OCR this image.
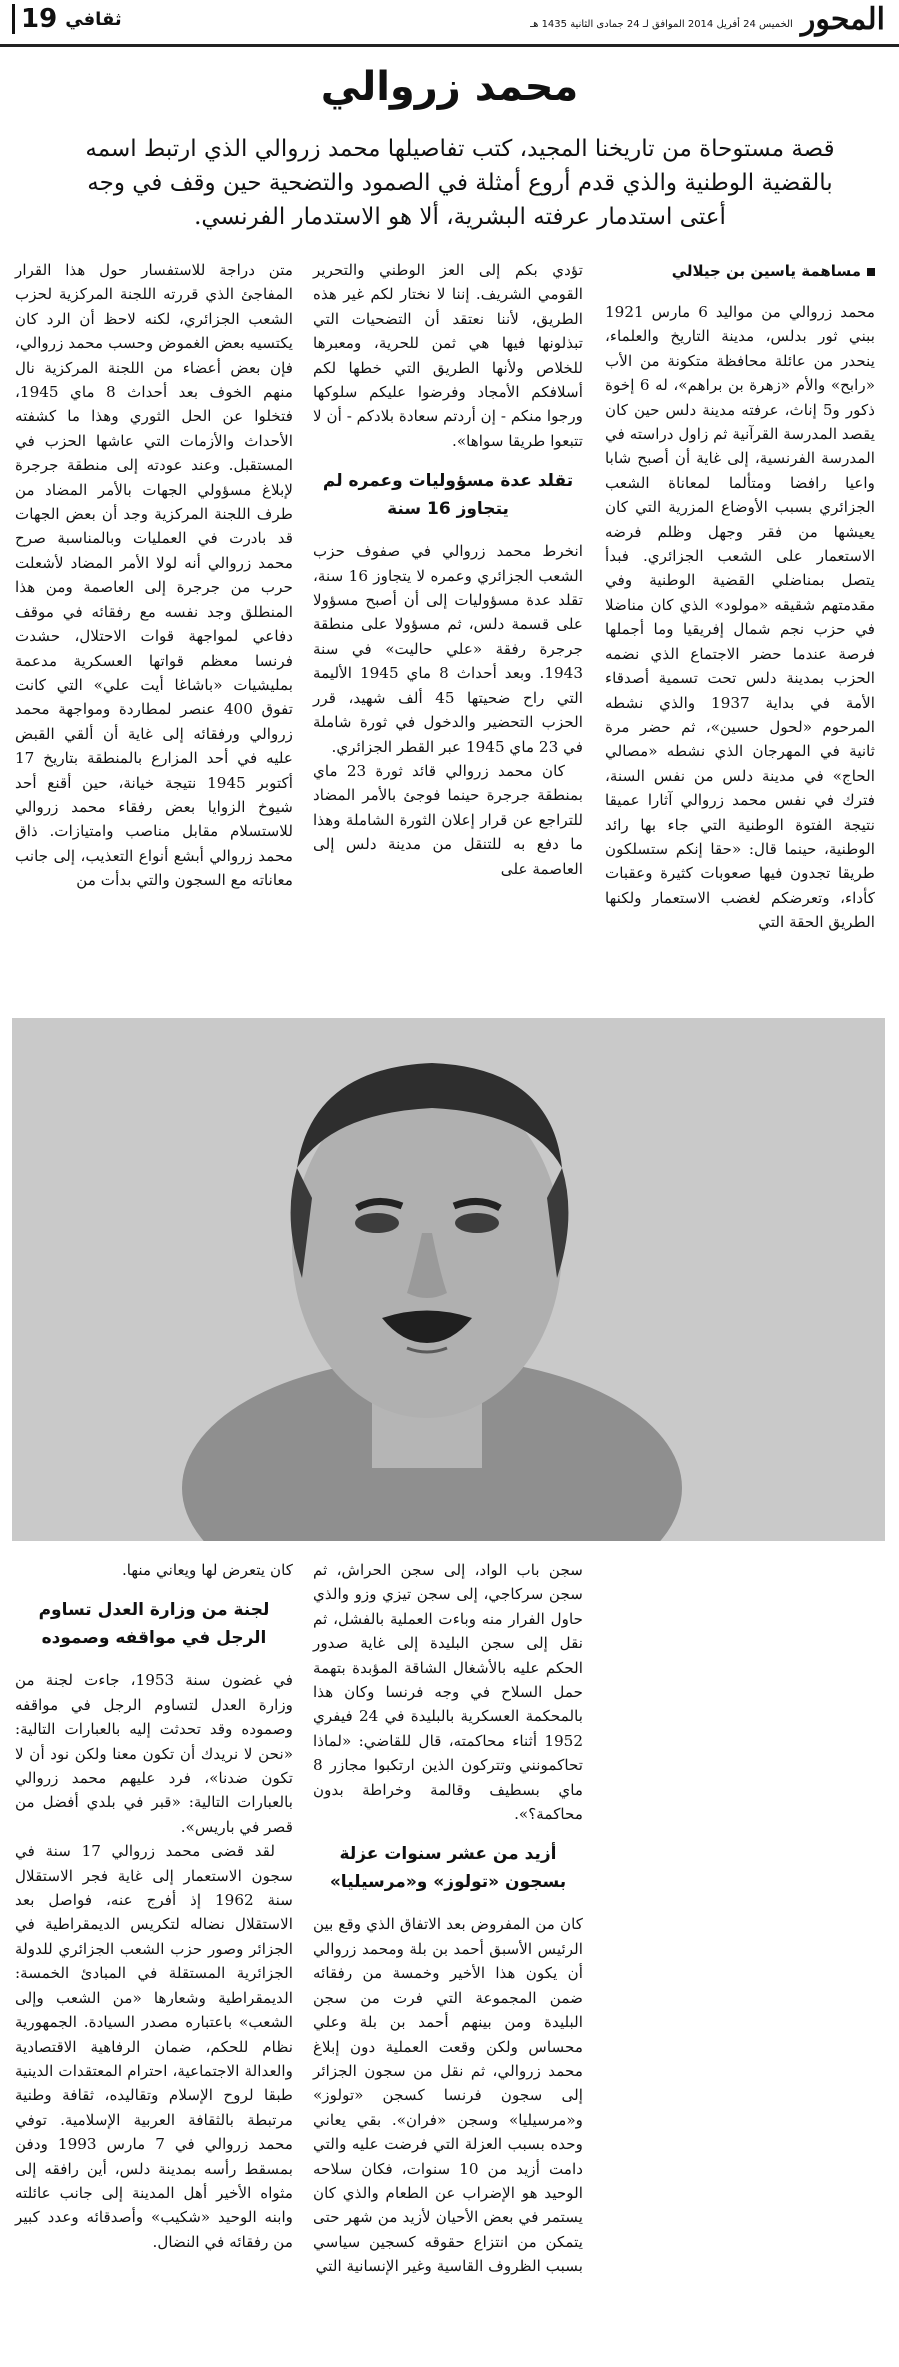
المحور
الخميس 24 أفريل 2014 الموافق لـ 24 جمادى الثانية 1435 هـ
ثقافي
19
محمد زروالي
قصة مستوحاة من تاريخنا المجيد، كتب تفاصيلها محمد زروالي الذي ارتبط اسمه بالقضية الوطنية والذي قدم أروع أمثلة في الصمود والتضحية حين وقف في وجه أعتى استدمار عرفته البشرية، ألا هو الاستدمار الفرنسي.
مساهمة ياسين بن جيلالي

محمد زروالي من مواليد 6 مارس 1921 ببني ثور بدلس، مدينة التاريخ والعلماء، ينحدر من عائلة محافظة متكونة من الأب «رابح» والأم «زهرة بن براهم»، له 6 إخوة ذكور و5 إناث، عرفته مدينة دلس حين كان يقصد المدرسة القرآنية ثم زاول دراسته في المدرسة الفرنسية، إلى غاية أن أصبح شابا واعيا رافضا ومتألما لمعاناة الشعب الجزائري بسبب الأوضاع المزرية التي كان يعيشها من فقر وجهل وظلم فرضه الاستعمار على الشعب الجزائري. فبدأ يتصل بمناضلي القضية الوطنية وفي مقدمتهم شقيقه «مولود» الذي كان مناضلا في حزب نجم شمال إفريقيا وما أجملها فرصة عندما حضر الاجتماع الذي نضمه الحزب بمدينة دلس تحت تسمية أصدقاء الأمة في بداية 1937 والذي نشطه المرحوم «لحول حسين»، ثم حضر مرة ثانية في المهرجان الذي نشطه «مصالي الحاج» في مدينة دلس من نفس السنة، فترك في نفس محمد زروالي آثارا عميقا نتيجة الفتوة الوطنية التي جاء بها رائد الوطنية، حينما قال: «حقا إنكم ستسلكون طريقا تجدون فيها صعوبات كثيرة وعقبات كأداء، وتعرضكم لغضب الاستعمار ولكنها الطريق الحقة التي

تؤدي بكم إلى العز الوطني والتحرير القومي الشريف. إننا لا نختار لكم غير هذه الطريق، لأننا نعتقد أن التضحيات التي تبذلونها فيها هي ثمن للحرية، ومعبرها للخلاص ولأنها الطريق التي خطها لكم أسلافكم الأمجاد وفرضوا عليكم سلوكها ورجوا منكم - إن أردتم سعادة بلادكم - أن لا تتبعوا طريقا سواها».

تقلد عدة مسؤوليات وعمره لم يتجاوز 16 سنة

انخرط محمد زروالي في صفوف حزب الشعب الجزائري وعمره لا يتجاوز 16 سنة، تقلد عدة مسؤوليات إلى أن أصبح مسؤولا على قسمة دلس، ثم مسؤولا على منطقة جرجرة رفقة «علي حاليت» في سنة 1943. وبعد أحداث 8 ماي 1945 الأليمة التي راح ضحيتها 45 ألف شهيد، قرر الحزب التحضير والدخول في ثورة شاملة في 23 ماي 1945 عبر القطر الجزائري.

كان محمد زروالي قائد ثورة 23 ماي بمنطقة جرجرة حينما فوجئ بالأمر المضاد للتراجع عن قرار إعلان الثورة الشاملة وهذا ما دفع به للتنقل من مدينة دلس إلى العاصمة على

متن دراجة للاستفسار حول هذا القرار المفاجئ الذي قررته اللجنة المركزية لحزب الشعب الجزائري، لكنه لاحظ أن الرد كان يكتسيه بعض الغموض وحسب محمد زروالي، فإن بعض أعضاء من اللجنة المركزية نال منهم الخوف بعد أحداث 8 ماي 1945، فتخلوا عن الحل الثوري وهذا ما كشفته الأحداث والأزمات التي عاشها الحزب في المستقبل. وعند عودته إلى منطقة جرجرة لإبلاغ مسؤولي الجهات بالأمر المضاد من طرف اللجنة المركزية وجد أن بعض الجهات قد بادرت في العمليات وبالمناسبة صرح محمد زروالي أنه لولا الأمر المضاد لأشعلت حرب من جرجرة إلى العاصمة ومن هذا المنطلق وجد نفسه مع رفقائه في موقف دفاعي لمواجهة قوات الاحتلال، حشدت فرنسا معظم قواتها العسكرية مدعمة بمليشيات «باشاغا أيت علي» التي كانت تفوق 400 عنصر لمطاردة ومواجهة محمد زروالي ورفقائه إلى غاية أن ألقي القبض عليه في أحد المزارع بالمنطقة بتاريخ 17 أكتوبر 1945 نتيجة خيانة، حين أقنع أحد شيوخ الزوايا بعض رفقاء محمد زروالي للاستسلام مقابل مناصب وامتيازات. ذاق محمد زروالي أبشع أنواع التعذيب، إلى جانب معاناته مع السجون والتي بدأت من

سجن باب الواد، إلى سجن الحراش، ثم سجن سركاجي، إلى سجن تيزي وزو والذي حاول الفرار منه وباءت العملية بالفشل، ثم نقل إلى سجن البليدة إلى غاية صدور الحكم عليه بالأشغال الشاقة المؤبدة بتهمة حمل السلاح في وجه فرنسا وكان هذا بالمحكمة العسكرية بالبليدة في 24 فيفري 1952 أثناء محاكمته، قال للقاضي: «لماذا تحاكمونني وتتركون الذين ارتكبوا مجازر 8 ماي بسطيف وقالمة وخراطة بدون محاكمة؟».

أزيد من عشر سنوات عزلة بسجون «تولوز» و«مرسيليا»

كان من المفروض بعد الاتفاق الذي وقع بين الرئيس الأسبق أحمد بن بلة ومحمد زروالي أن يكون هذا الأخير وخمسة من رفقائه ضمن المجموعة التي فرت من سجن البليدة ومن بينهم أحمد بن بلة وعلي محساس ولكن وقعت العملية دون إبلاغ محمد زروالي، ثم نقل من سجون الجزائر إلى سجون فرنسا كسجن «تولوز» و«مرسيليا» وسجن «فران». بقي يعاني وحده بسبب العزلة التي فرضت عليه والتي دامت أزيد من 10 سنوات، فكان سلاحه الوحيد هو الإضراب عن الطعام والذي كان يستمر في بعض الأحيان لأزيد من شهر حتى يتمكن من انتزاع حقوقه كسجين سياسي بسبب الظروف القاسية وغير الإنسانية التي

كان يتعرض لها ويعاني منها.

لجنة من وزارة العدل تساوم الرجل في مواقفه وصموده

في غضون سنة 1953، جاءت لجنة من وزارة العدل لتساوم الرجل في مواقفه وصموده وقد تحدثت إليه بالعبارات التالية: «نحن لا نريدك أن تكون معنا ولكن نود أن لا تكون ضدنا»، فرد عليهم محمد زروالي بالعبارات التالية: «قبر في بلدي أفضل من قصر في باريس».

لقد قضى محمد زروالي 17 سنة في سجون الاستعمار إلى غاية فجر الاستقلال سنة 1962 إذ أفرج عنه، فواصل بعد الاستقلال نضاله لتكريس الديمقراطية في الجزائر وصور حزب الشعب الجزائري للدولة الجزائرية المستقلة في المبادئ الخمسة: الديمقراطية وشعارها «من الشعب وإلى الشعب» باعتباره مصدر السيادة. الجمهورية نظام للحكم، ضمان الرفاهية الاقتصادية والعدالة الاجتماعية، احترام المعتقدات الدينية طبقا لروح الإسلام وتقاليده، ثقافة وطنية مرتبطة بالثقافة العربية الإسلامية. توفي محمد زروالي في 7 مارس 1993 ودفن بمسقط رأسه بمدينة دلس، أين رافقه إلى مثواه الأخير أهل المدينة إلى جانب عائلته وابنه الوحيد «شكيب» وأصدقائه وعدد كبير من رفقائه في النضال.
